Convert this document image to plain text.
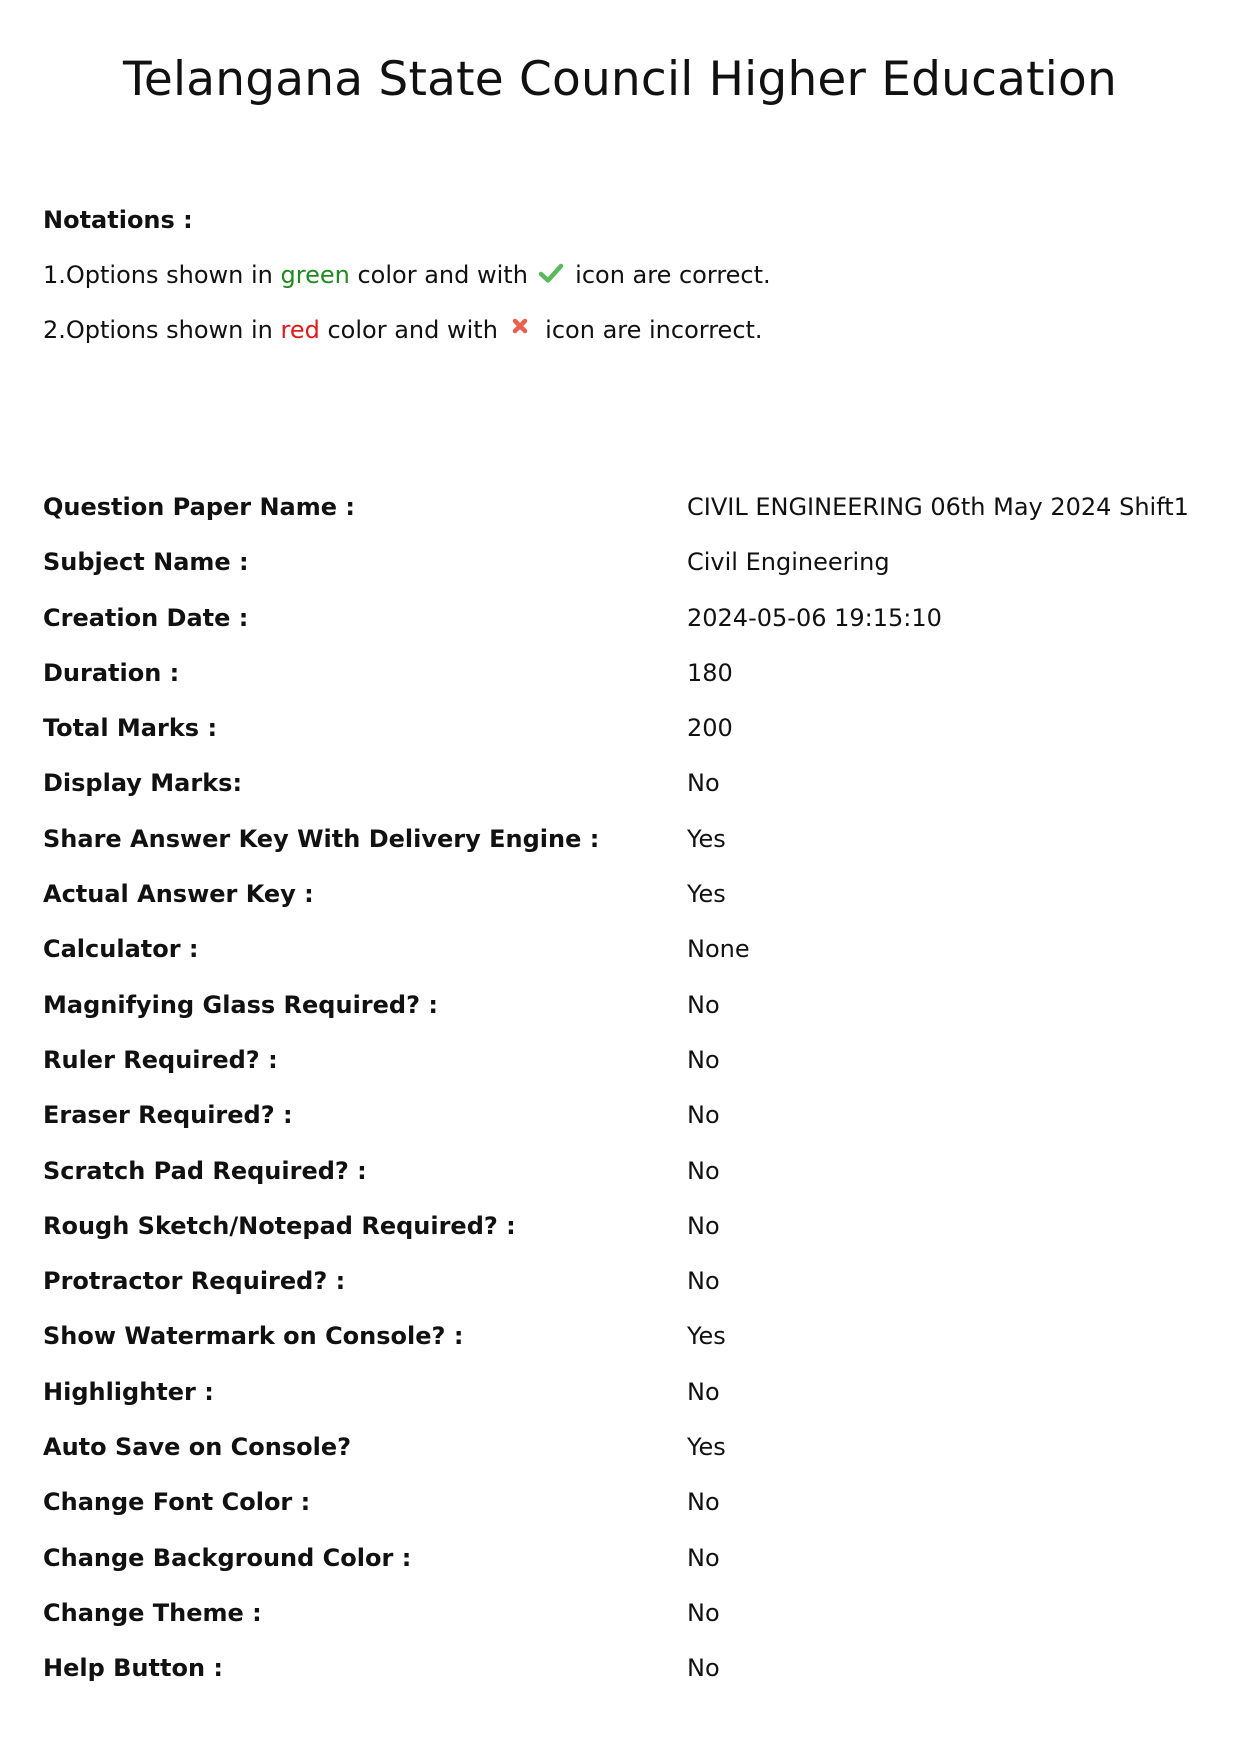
Telangana State Council Higher Education
Notations :
1.Options shown in green color and with  icon are correct.
2.Options shown in red color and with  icon are incorrect.
Question Paper Name :	CIVIL ENGINEERING 06th May 2024 Shift1
Subject Name :	Civil Engineering
Creation Date :	2024-05-06 19:15:10
Duration :	180
Total Marks :	200
Display Marks:	No
Share Answer Key With Delivery Engine :	Yes
Actual Answer Key :	Yes
Calculator :	None
Magnifying Glass Required? :	No
Ruler Required? :	No
Eraser Required? :	No
Scratch Pad Required? :	No
Rough Sketch/Notepad Required? :	No
Protractor Required? :	No
Show Watermark on Console? :	Yes
Highlighter :	No
Auto Save on Console?	Yes
Change Font Color :	No
Change Background Color :	No
Change Theme :	No
Help Button :	No
